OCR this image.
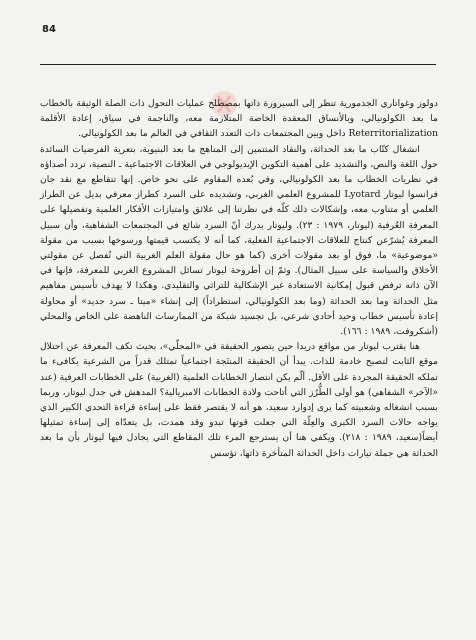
84

دولوز وغواتاري الجذمورية تنظر إلى السيرورة ذاتها بمصطلح عمليات التحول ذات الصلة الوثيقة بالخطاب ما بعد الكولونيالي، وبالأنساق المعقدة الخاصة المتلازمة معه، والناجمة في سياق، إعادة الأقلمة Reterritorialization داخل وبين المجتمعات ذات التعدد الثقافي في العالم ما بعد الكولونيالي.

انشغال كتّاب ما بعد الحداثة، والنقاد المنتمين إلى المناهج ما بعد البنيوية، بتعرية الفرضيات السائدة حول اللغة والنص، والتشديد على أهمية التكوين الإيديولوجي في العلاقات الاجتماعية ـ النصية، تردد أصداؤه في نظريات الخطاب ما بعد الكولونيالي، وفي بُعده المقاوم على نحو خاص. إنها تتقاطع مع نقد جان فرانسوا ليوتار Lyotard للمشروع العلمي الغربي، وتشديده على السرد كطراز معرفي بديل عن الطراز العلمي أو متناوب معه، وإشكالات ذلك كلّه في نظرتنا إلى علائق وامتيازات الأفكار العلمية وتفضيلها على المعرفة العُرفية (ليوتار، ١٩٧٩ : ٢٣). وليوتار يدرك أنّ السرد شائع في المجتمعات الشفاهية، وأن سبيل المعرفة يُشرّعن كنتاج للعلاقات الاجتماعية الفعلية، كما أنه لا يكتسب قيمتها ورسوخها بسبب من مقولة «موضوعية» ما، فوق أو بعد مقولات أخرى (كما هو حال مقولة العلم الغربية التي تُفصل عن مقولتي الأخلاق والسياسة على سبيل المثال). وثمّ إن أطروحة ليوتار تسائل المشروع الغربي للمعرفة، فإنها في الآن ذاته ترفض قبول إمكانية الاستعادة غير الإشكالية للتراثي والتقليدي. وهكذا لا يهدف تأسيس مفاهيم مثل الحداثة وما بعد الحداثة (وما بعد الكولونيالي، استطراداً) إلى إنشاء «ميتا ـ سرد جديد» أو محاولة إعادة تأسيس خطاب وحيد أحادي شرعي، بل تجسيد شبكة من الممارسات الناهضة على الخاص والمحلي (أشكروفت، ١٩٨٩ : ١٦٦).

هنا يقترب ليوتار من مواقع دريدا حين يتصور الحقيقة في «المحلّي»، بحيث تكف المعرفة عن احتلال موقع الثابت لتصبح خادمة للذات. يبدأ أن الحقيقة المنتَجة اجتماعياً تمتلك قدراً من الشرعية يكافىء ما تملكه الحقيقة المجردة على الأقل. ألّم يكن انتصار الخطابات العلمية (الغربية) على الخطابات العرفية (عند «الآخر» الشفاهي) هو أولى الطُّرُز التي أتاحت ولادة الخطابات الامبريالية؟ المدهش في جدل ليوتار، وربما بسبب انشغاله وشعبيته كما يرى إدوارد سعيد، هو أنه لا يقتصر فقط على إساءة قراءة التحدي الكبير الذي يواجه حالات السرد الكبرى والعِلّة التي جعلت قوتها تبدو وقد همدت، بل يتعدّاه إلى إساءة تمثيلها أيضاً(سعيد، ١٩٨٩ : ٢١٨). ويكفي هنا أن يسترجع المرء تلك المقاطع التي يجادل فيها ليوتار بأن ما بعد الحداثة هي جملة تيارات داخل الحداثة المتأخرة ذاتها، تؤسس
